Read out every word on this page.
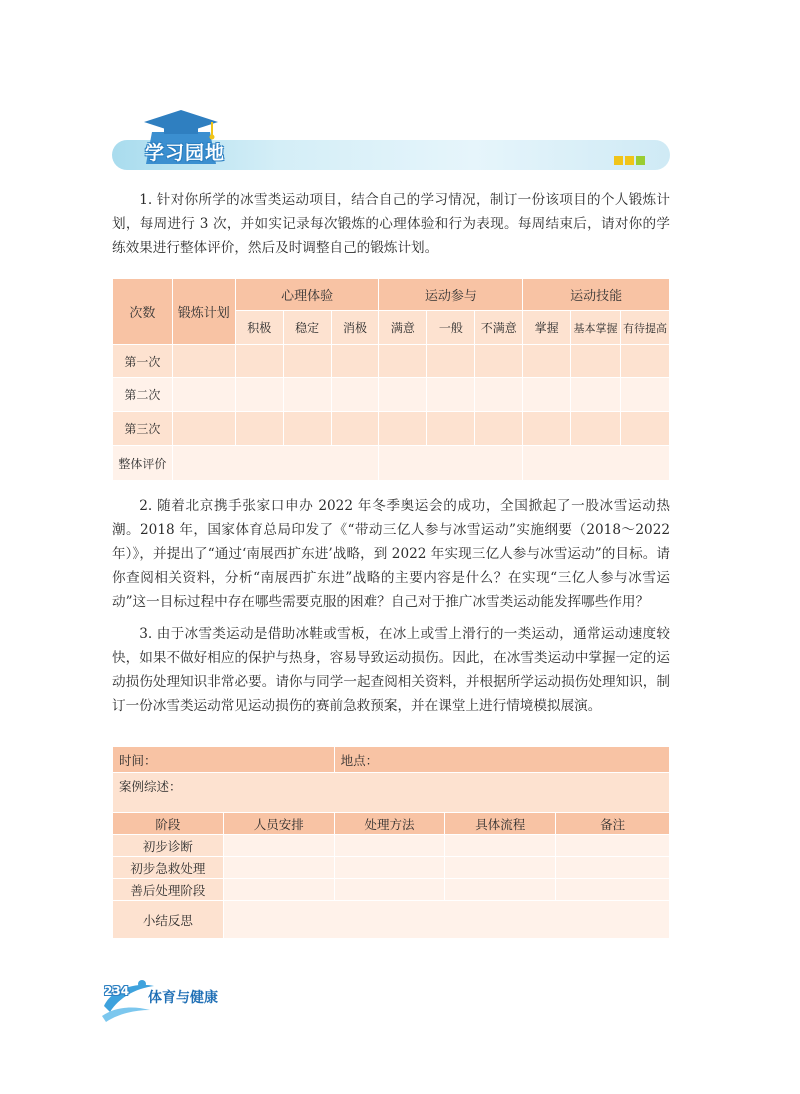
学习园地
1. 针对你所学的冰雪类运动项目，结合自己的学习情况，制订一份该项目的个人锻炼计划，每周进行 3 次，并如实记录每次锻炼的心理体验和行为表现。每周结束后，请对你的学练效果进行整体评价，然后及时调整自己的锻炼计划。
次数	锻炼计划	心理体验			运动参与			运动技能		
		积极	稳定	消极	满意	一般	不满意	掌握	基本掌握	有待提高
第一次										
第二次										
第三次										
整体评价										
2. 随着北京携手张家口申办 2022 年冬季奥运会的成功，全国掀起了一股冰雪运动热潮。2018 年，国家体育总局印发了《“带动三亿人参与冰雪运动”实施纲要（2018～2022 年）》，并提出了“通过‘南展西扩东进’战略，到 2022 年实现三亿人参与冰雪运动”的目标。请你查阅相关资料，分析“南展西扩东进”战略的主要内容是什么？在实现“三亿人参与冰雪运动”这一目标过程中存在哪些需要克服的困难？自己对于推广冰雪类运动能发挥哪些作用？
3. 由于冰雪类运动是借助冰鞋或雪板，在冰上或雪上滑行的一类运动，通常运动速度较快，如果不做好相应的保护与热身，容易导致运动损伤。因此，在冰雪类运动中掌握一定的运动损伤处理知识非常必要。请你与同学一起查阅相关资料，并根据所学运动损伤处理知识，制订一份冰雪类运动常见运动损伤的赛前急救预案，并在课堂上进行情境模拟展演。
时间：		地点：		
案例综述：				
阶段	人员安排	处理方法	具体流程	备注
初步诊断				
初步急救处理				
善后处理阶段				
小结反思				
234 体育与健康
